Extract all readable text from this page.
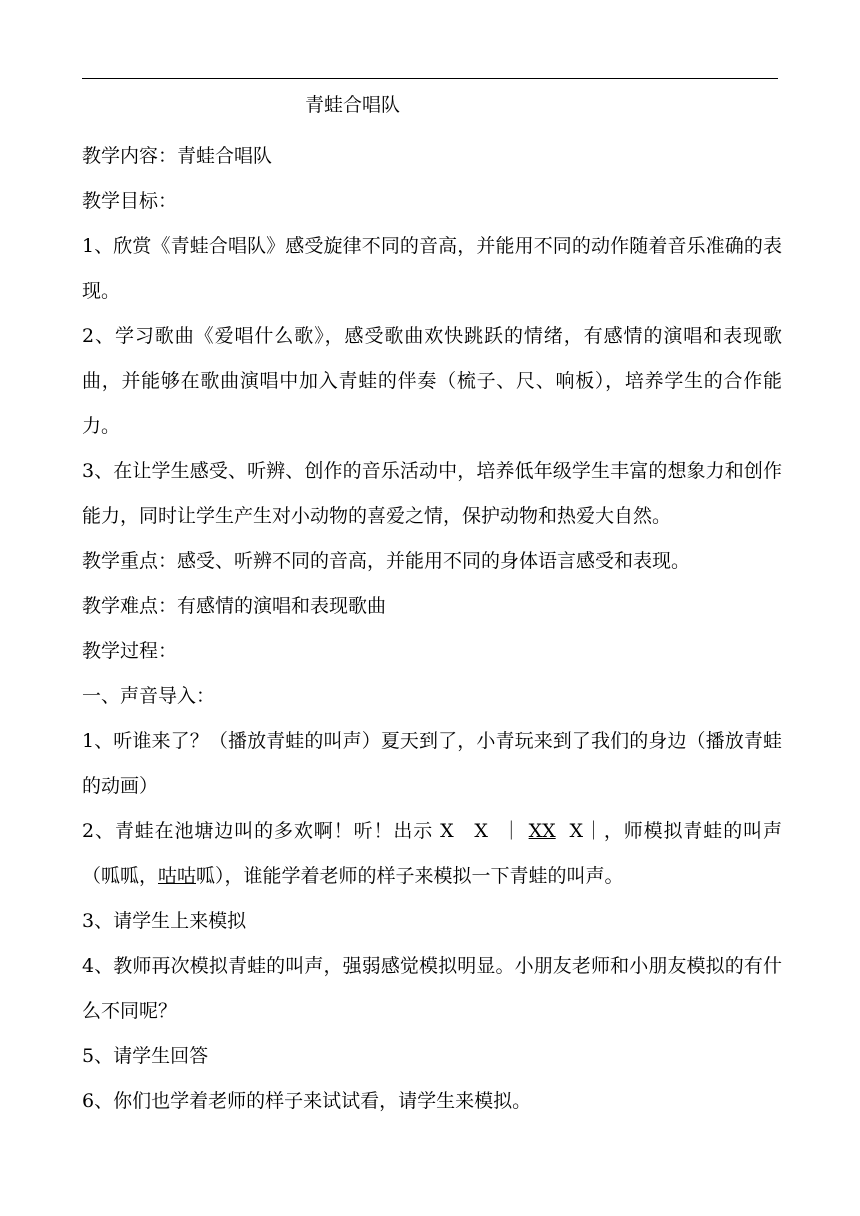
青蛙合唱队

教学内容：青蛙合唱队

教学目标：

1、欣赏《青蛙合唱队》感受旋律不同的音高，并能用不同的动作随着音乐准确的表现。

2、学习歌曲《爱唱什么歌》，感受歌曲欢快跳跃的情绪，有感情的演唱和表现歌曲，并能够在歌曲演唱中加入青蛙的伴奏（梳子、尺、响板），培养学生的合作能力。

3、在让学生感受、听辨、创作的音乐活动中，培养低年级学生丰富的想象力和创作能力，同时让学生产生对小动物的喜爱之情，保护动物和热爱大自然。

教学重点：感受、听辨不同的音高，并能用不同的身体语言感受和表现。

教学难点：有感情的演唱和表现歌曲

教学过程：

一、声音导入：

1、听谁来了？（播放青蛙的叫声）夏天到了，小青玩来到了我们的身边（播放青蛙的动画）

2、青蛙在池塘边叫的多欢啊！听！出示 X   X  ｜ XX  X｜，师模拟青蛙的叫声（呱呱，咕咕呱），谁能学着老师的样子来模拟一下青蛙的叫声。

3、请学生上来模拟

4、教师再次模拟青蛙的叫声，强弱感觉模拟明显。小朋友老师和小朋友模拟的有什么不同呢？

5、请学生回答

6、你们也学着老师的样子来试试看，请学生来模拟。
